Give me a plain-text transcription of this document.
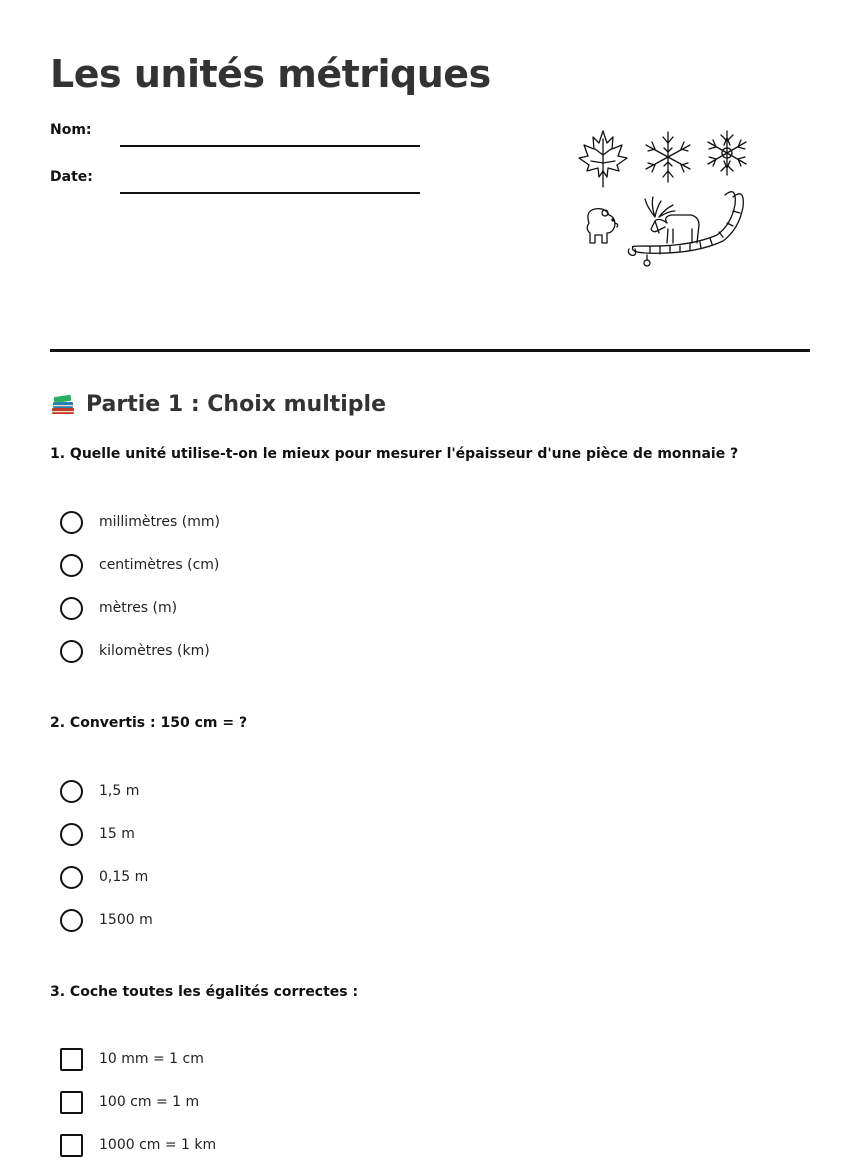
Les unités métriques
Nom:
Date:
Partie 1 : Choix multiple

1. Quelle unité utilise-t-on le mieux pour mesurer l'épaisseur d'une pièce de monnaie ?

millimètres (mm)
centimètres (cm)
mètres (m)
kilomètres (km)

2. Convertis : 150 cm = ?

1,5 m
15 m
0,15 m
1500 m

3. Coche toutes les égalités correctes :

10 mm = 1 cm
100 cm = 1 m
1000 cm = 1 km
